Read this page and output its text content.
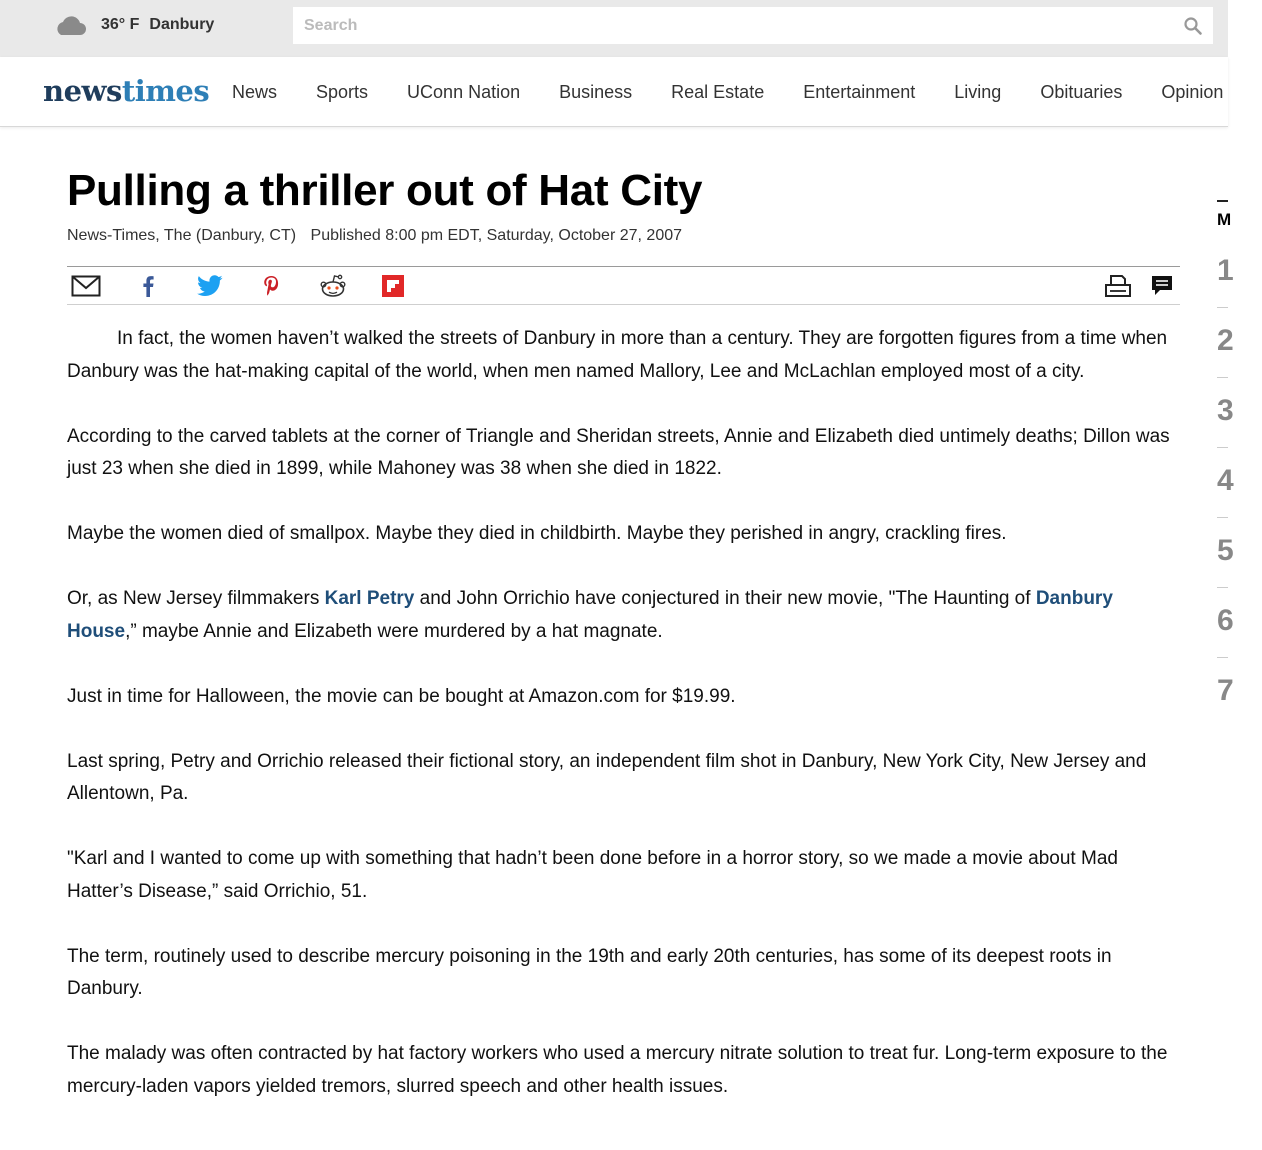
36° F Danbury
Search
newstimes News Sports UConn Nation Business Real Estate Entertainment Living Obituaries Opinion
Pulling a thriller out of Hat City
News-Times, The (Danbury, CT) Published 8:00 pm EDT, Saturday, October 27, 2007

In fact, the women haven’t walked the streets of Danbury in more than a century. They are forgotten figures from a time when Danbury was the hat-making capital of the world, when men named Mallory, Lee and McLachlan employed most of a city.

According to the carved tablets at the corner of Triangle and Sheridan streets, Annie and Elizabeth died untimely deaths; Dillon was just 23 when she died in 1899, while Mahoney was 38 when she died in 1822.

Maybe the women died of smallpox. Maybe they died in childbirth. Maybe they perished in angry, crackling fires.

Or, as New Jersey filmmakers Karl Petry and John Orrichio have conjectured in their new movie, "The Haunting of Danbury House,” maybe Annie and Elizabeth were murdered by a hat magnate.

Just in time for Halloween, the movie can be bought at Amazon.com for $19.99.

Last spring, Petry and Orrichio released their fictional story, an independent film shot in Danbury, New York City, New Jersey and Allentown, Pa.

"Karl and I wanted to come up with something that hadn’t been done before in a horror story, so we made a movie about Mad Hatter’s Disease,” said Orrichio, 51.

The term, routinely used to describe mercury poisoning in the 19th and early 20th centuries, has some of its deepest roots in Danbury.

The malady was often contracted by hat factory workers who used a mercury nitrate solution to treat fur. Long-term exposure to the mercury-laden vapors yielded tremors, slurred speech and other health issues.

M
1
2
3
4
5
6
7
